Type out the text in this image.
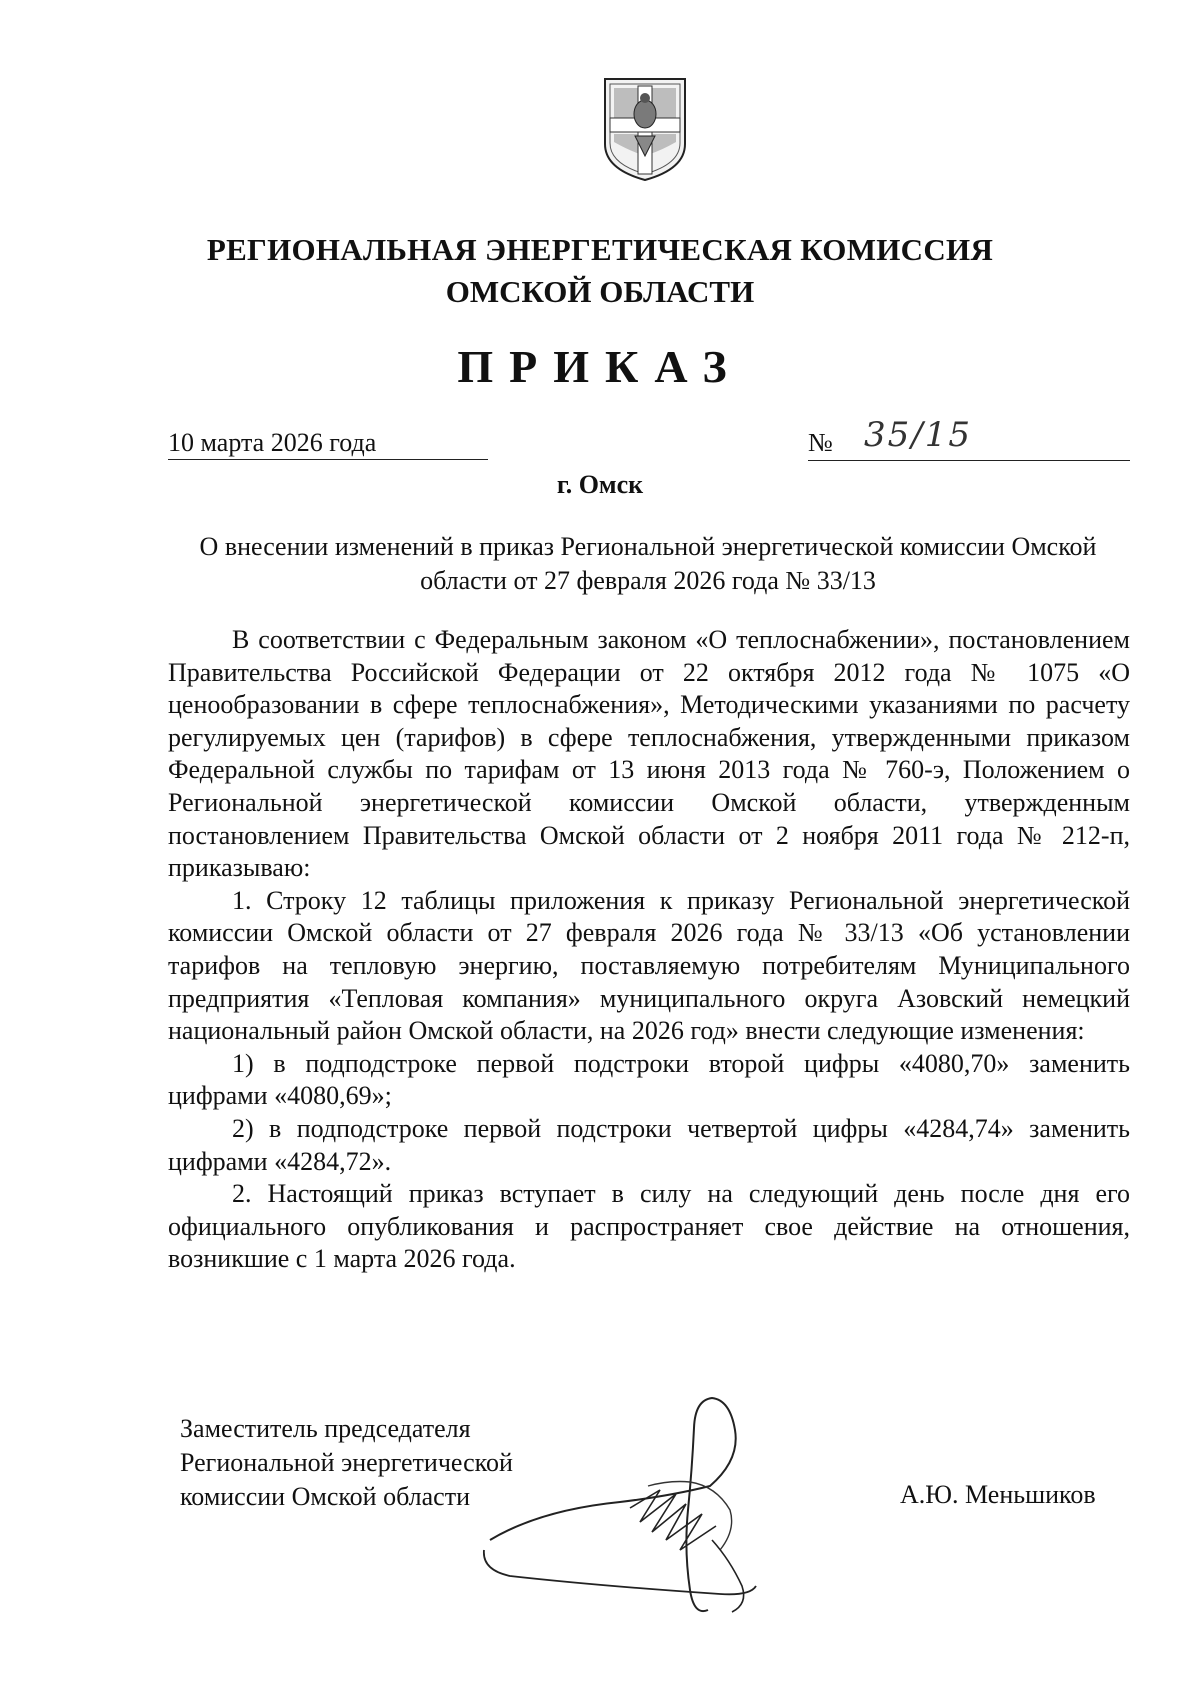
РЕГИОНАЛЬНАЯ ЭНЕРГЕТИЧЕСКАЯ КОМИССИЯ
ОМСКОЙ ОБЛАСТИ
ПРИКАЗ
10 марта 2026 года	№ 35/15
г. Омск
О внесении изменений в приказ Региональной энергетической комиссии Омской области от 27 февраля 2026 года № 33/13

В соответствии с Федеральным законом «О теплоснабжении», постановлением Правительства Российской Федерации от 22 октября 2012 года № 1075 «О ценообразовании в сфере теплоснабжения», Методическими указаниями по расчету регулируемых цен (тарифов) в сфере теплоснабжения, утвержденными приказом Федеральной службы по тарифам от 13 июня 2013 года № 760-э, Положением о Региональной энергетической комиссии Омской области, утвержденным постановлением Правительства Омской области от 2 ноября 2011 года № 212-п, приказываю:

1. Строку 12 таблицы приложения к приказу Региональной энергетической комиссии Омской области от 27 февраля 2026 года № 33/13 «Об установлении тарифов на тепловую энергию, поставляемую потребителям Муниципального предприятия «Тепловая компания» муниципального округа Азовский немецкий национальный район Омской области, на 2026 год» внести следующие изменения:

1) в подподстроке первой подстроки второй цифры «4080,70» заменить цифрами «4080,69»;

2) в подподстроке первой подстроки четвертой цифры «4284,74» заменить цифрами «4284,72».

2. Настоящий приказ вступает в силу на следующий день после дня его официального опубликования и распространяет свое действие на отношения, возникшие с 1 марта 2026 года.

Заместитель председателя
Региональной энергетической
комиссии Омской области	А.Ю. Меньшиков
